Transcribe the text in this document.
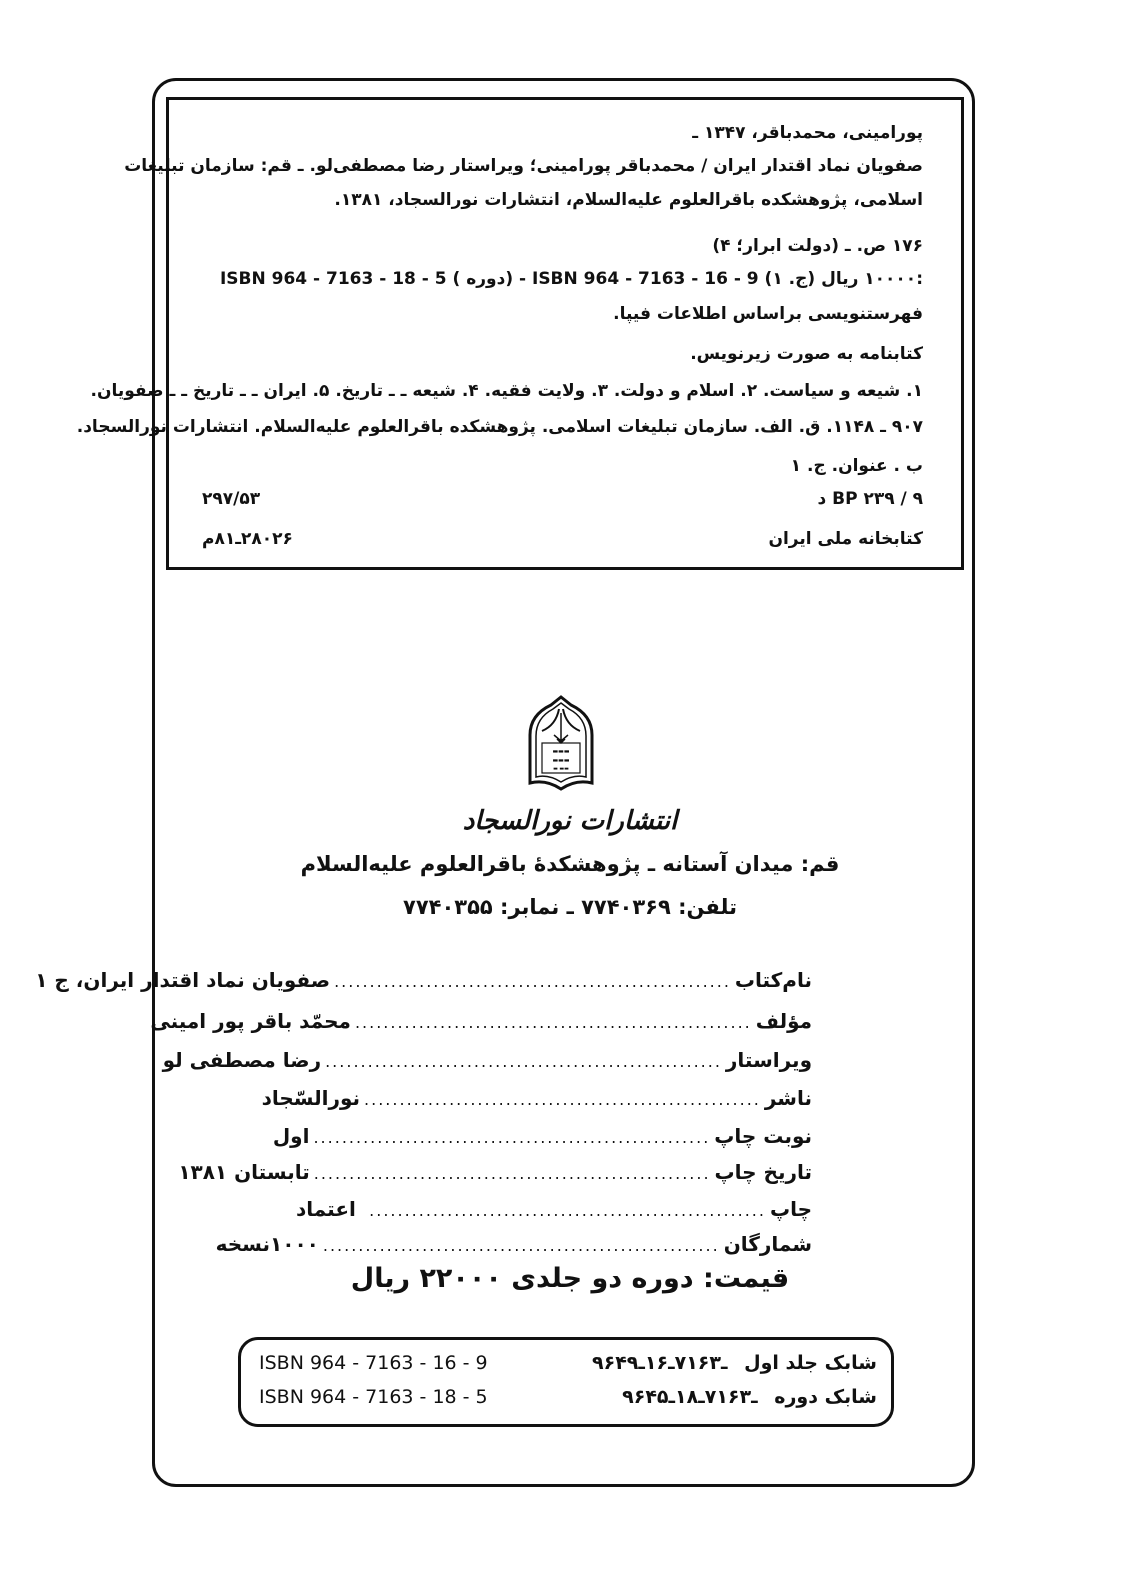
پورامینی، محمدباقر، ۱۳۴۷ ـ
صفویان نماد اقتدار ایران / محمدباقر پورامینی؛ ویراستار رضا مصطفی‌لو. ـ قم: سازمان تبلیغات
اسلامی، پژوهشکده باقرالعلوم علیه‌السلام، انتشارات نورالسجاد، ۱۳۸۱.
۱۷۶ ص. ـ (دولت ابرار؛ ۴)
ISBN 964 - 7163 - 18 - 5 ( دوره) - ISBN 964 - 7163 - 16 - 9 (ج. ۱) ۱۰۰۰۰ ریال:
فهرستنویسی براساس اطلاعات فیپا.
کتابنامه به صورت زیرنویس.
۱. شیعه و سیاست. ۲. اسلام و دولت. ۳. ولایت فقیه. ۴. شیعه ـ ـ تاریخ. ۵. ایران ـ ـ تاریخ ـ ـ صفویان.
۹۰۷ ـ ۱۱۴۸. ق. الف. سازمان تبلیغات اسلامی. پژوهشکده باقرالعلوم علیه‌السلام. انتشارات نورالسجاد.
ب . عنوان. ج. ۱
BP ۲۳۹ / ۹ د
۲۹۷/۵۳
کتابخانه ملی ایران
۲۸۰۲۶ـ۸۱م
▬▬▬
▬▬▬
▬ ▬▬
انتشارات نورالسجاد
قم: میدان آستانه ـ پژوهشکدهٔ باقرالعلوم علیه‌السلام
تلفن: ۷۷۴۰۳۶۹ ـ نمابر: ۷۷۴۰۳۵۵
نام‌کتاب
........................................................
صفویان نماد اقتدار ایران، ج ۱
مؤلف
........................................................
محمّد باقر پور امینی
ویراستار
........................................................
رضا مصطفی لو
ناشر
........................................................
نورالسّجاد
نوبت چاپ
........................................................
اول
تاریخ چاپ
........................................................
تابستان ۱۳۸۱
چاپ
........................................................
اعتماد
شمارگان
........................................................
۱۰۰۰نسخه
قیمت: دوره دو جلدی ۲۲۰۰۰ ریال
ISBN 964 - 7163 - 16 - 9	شابک جلد اول ۹۶۴ـ۷۱۶۳ـ۱۶ـ۹
ISBN 964 - 7163 - 18 - 5	شابک دوره ۹۶۴ـ۷۱۶۳ـ۱۸ـ۵
